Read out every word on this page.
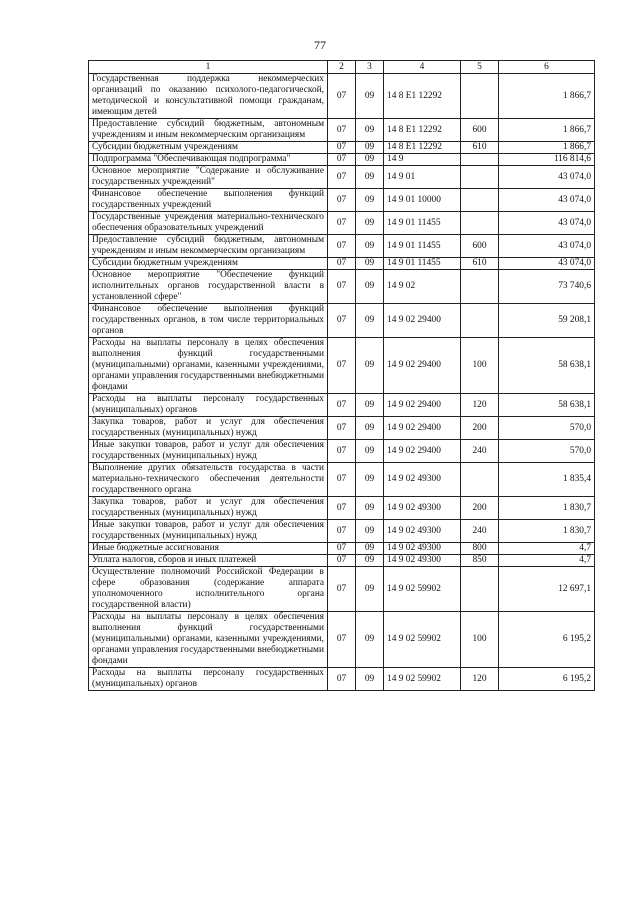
77
1	2	3	4	5	6
Государственная поддержка некоммерческих организаций по оказанию психолого-педагогической, методической и консультативной помощи гражданам, имеющим детей	07	09	14 8 E1 12292		1 866,7
Предоставление субсидий бюджетным, автономным учреждениям и иным некоммерческим организациям	07	09	14 8 E1 12292	600	1 866,7
Субсидии бюджетным учреждениям	07	09	14 8 E1 12292	610	1 866,7
Подпрограмма "Обеспечивающая подпрограмма"	07	09	14 9		116 814,6
Основное мероприятие "Содержание и обслуживание государственных учреждений"	07	09	14 9 01		43 074,0
Финансовое обеспечение выполнения функций государственных учреждений	07	09	14 9 01 10000		43 074,0
Государственные учреждения материально-технического обеспечения образовательных учреждений	07	09	14 9 01 11455		43 074,0
Предоставление субсидий бюджетным, автономным учреждениям и иным некоммерческим организациям	07	09	14 9 01 11455	600	43 074,0
Субсидии бюджетным учреждениям	07	09	14 9 01 11455	610	43 074,0
Основное мероприятие "Обеспечение функций исполнительных органов государственной власти в установленной сфере"	07	09	14 9 02		73 740,6
Финансовое обеспечение выполнения функций государственных органов, в том числе территориальных органов	07	09	14 9 02 29400		59 208,1
Расходы на выплаты персоналу в целях обеспечения выполнения функций государственными (муниципальными) органами, казенными учреждениями, органами управления государственными внебюджетными фондами	07	09	14 9 02 29400	100	58 638,1
Расходы на выплаты персоналу государственных (муниципальных) органов	07	09	14 9 02 29400	120	58 638,1
Закупка товаров, работ и услуг для обеспечения государственных (муниципальных) нужд	07	09	14 9 02 29400	200	570,0
Иные закупки товаров, работ и услуг для обеспечения государственных (муниципальных) нужд	07	09	14 9 02 29400	240	570,0
Выполнение других обязательств государства в части материально-технического обеспечения деятельности государственного органа	07	09	14 9 02 49300		1 835,4
Закупка товаров, работ и услуг для обеспечения государственных (муниципальных) нужд	07	09	14 9 02 49300	200	1 830,7
Иные закупки товаров, работ и услуг для обеспечения государственных (муниципальных) нужд	07	09	14 9 02 49300	240	1 830,7
Иные бюджетные ассигнования	07	09	14 9 02 49300	800	4,7
Уплата налогов, сборов и иных платежей	07	09	14 9 02 49300	850	4,7
Осуществление полномочий Российской Федерации в сфере образования (содержание аппарата уполномоченного исполнительного органа государственной власти)	07	09	14 9 02 59902		12 697,1
Расходы на выплаты персоналу в целях обеспечения выполнения функций государственными (муниципальными) органами, казенными учреждениями, органами управления государственными внебюджетными фондами	07	09	14 9 02 59902	100	6 195,2
Расходы на выплаты персоналу государственных (муниципальных) органов	07	09	14 9 02 59902	120	6 195,2
